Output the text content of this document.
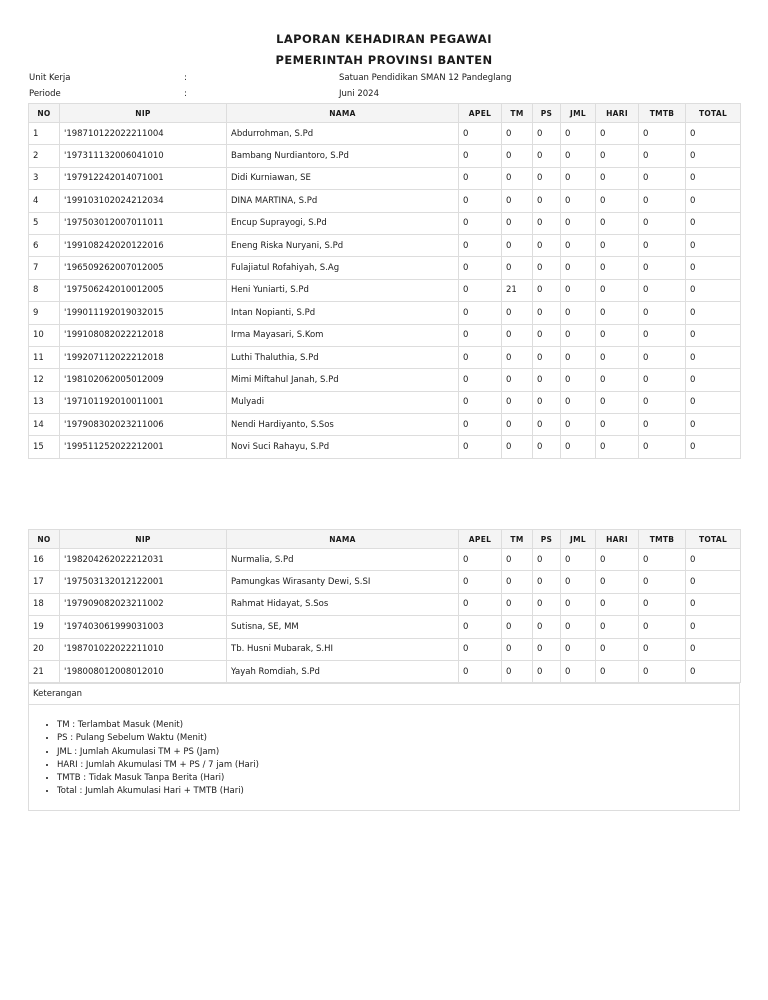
LAPORAN KEHADIRAN PEGAWAI
PEMERINTAH PROVINSI BANTEN
Unit Kerja	:	Satuan Pendidikan SMAN 12 Pandeglang
Periode	:	Juni 2024
NO	NIP	NAMA	APEL	TM	PS	JML	HARI	TMTB	TOTAL
1	'198710122022211004	Abdurrohman, S.Pd	0	0	0	0	0	0	0
2	'197311132006041010	Bambang Nurdiantoro, S.Pd	0	0	0	0	0	0	0
3	'197912242014071001	Didi Kurniawan, SE	0	0	0	0	0	0	0
4	'199103102024212034	DINA MARTINA, S.Pd	0	0	0	0	0	0	0
5	'197503012007011011	Encup Suprayogi, S.Pd	0	0	0	0	0	0	0
6	'199108242020122016	Eneng Riska Nuryani, S.Pd	0	0	0	0	0	0	0
7	'196509262007012005	Fulajiatul Rofahiyah, S.Ag	0	0	0	0	0	0	0
8	'197506242010012005	Heni Yuniarti, S.Pd	0	21	0	0	0	0	0
9	'199011192019032015	Intan Nopianti, S.Pd	0	0	0	0	0	0	0
10	'199108082022212018	Irma Mayasari, S.Kom	0	0	0	0	0	0	0
11	'199207112022212018	Luthi Thaluthia, S.Pd	0	0	0	0	0	0	0
12	'198102062005012009	Mimi Miftahul Janah, S.Pd	0	0	0	0	0	0	0
13	'197101192010011001	Mulyadi	0	0	0	0	0	0	0
14	'197908302023211006	Nendi Hardiyanto, S.Sos	0	0	0	0	0	0	0
15	'199511252022212001	Novi Suci Rahayu, S.Pd	0	0	0	0	0	0	0
NO	NIP	NAMA	APEL	TM	PS	JML	HARI	TMTB	TOTAL
16	'198204262022212031	Nurmalia, S.Pd	0	0	0	0	0	0	0
17	'197503132012122001	Pamungkas Wirasanty Dewi, S.SI	0	0	0	0	0	0	0
18	'197909082023211002	Rahmat Hidayat, S.Sos	0	0	0	0	0	0	0
19	'197403061999031003	Sutisna, SE, MM	0	0	0	0	0	0	0
20	'198701022022211010	Tb. Husni Mubarak, S.HI	0	0	0	0	0	0	0
21	'198008012008012010	Yayah Romdiah, S.Pd	0	0	0	0	0	0	0
Keterangan
• TM : Terlambat Masuk (Menit)
• PS : Pulang Sebelum Waktu (Menit)
• JML : Jumlah Akumulasi TM + PS (Jam)
• HARI : Jumlah Akumulasi TM + PS / 7 jam (Hari)
• TMTB : Tidak Masuk Tanpa Berita (Hari)
• Total : Jumlah Akumulasi Hari + TMTB (Hari)
